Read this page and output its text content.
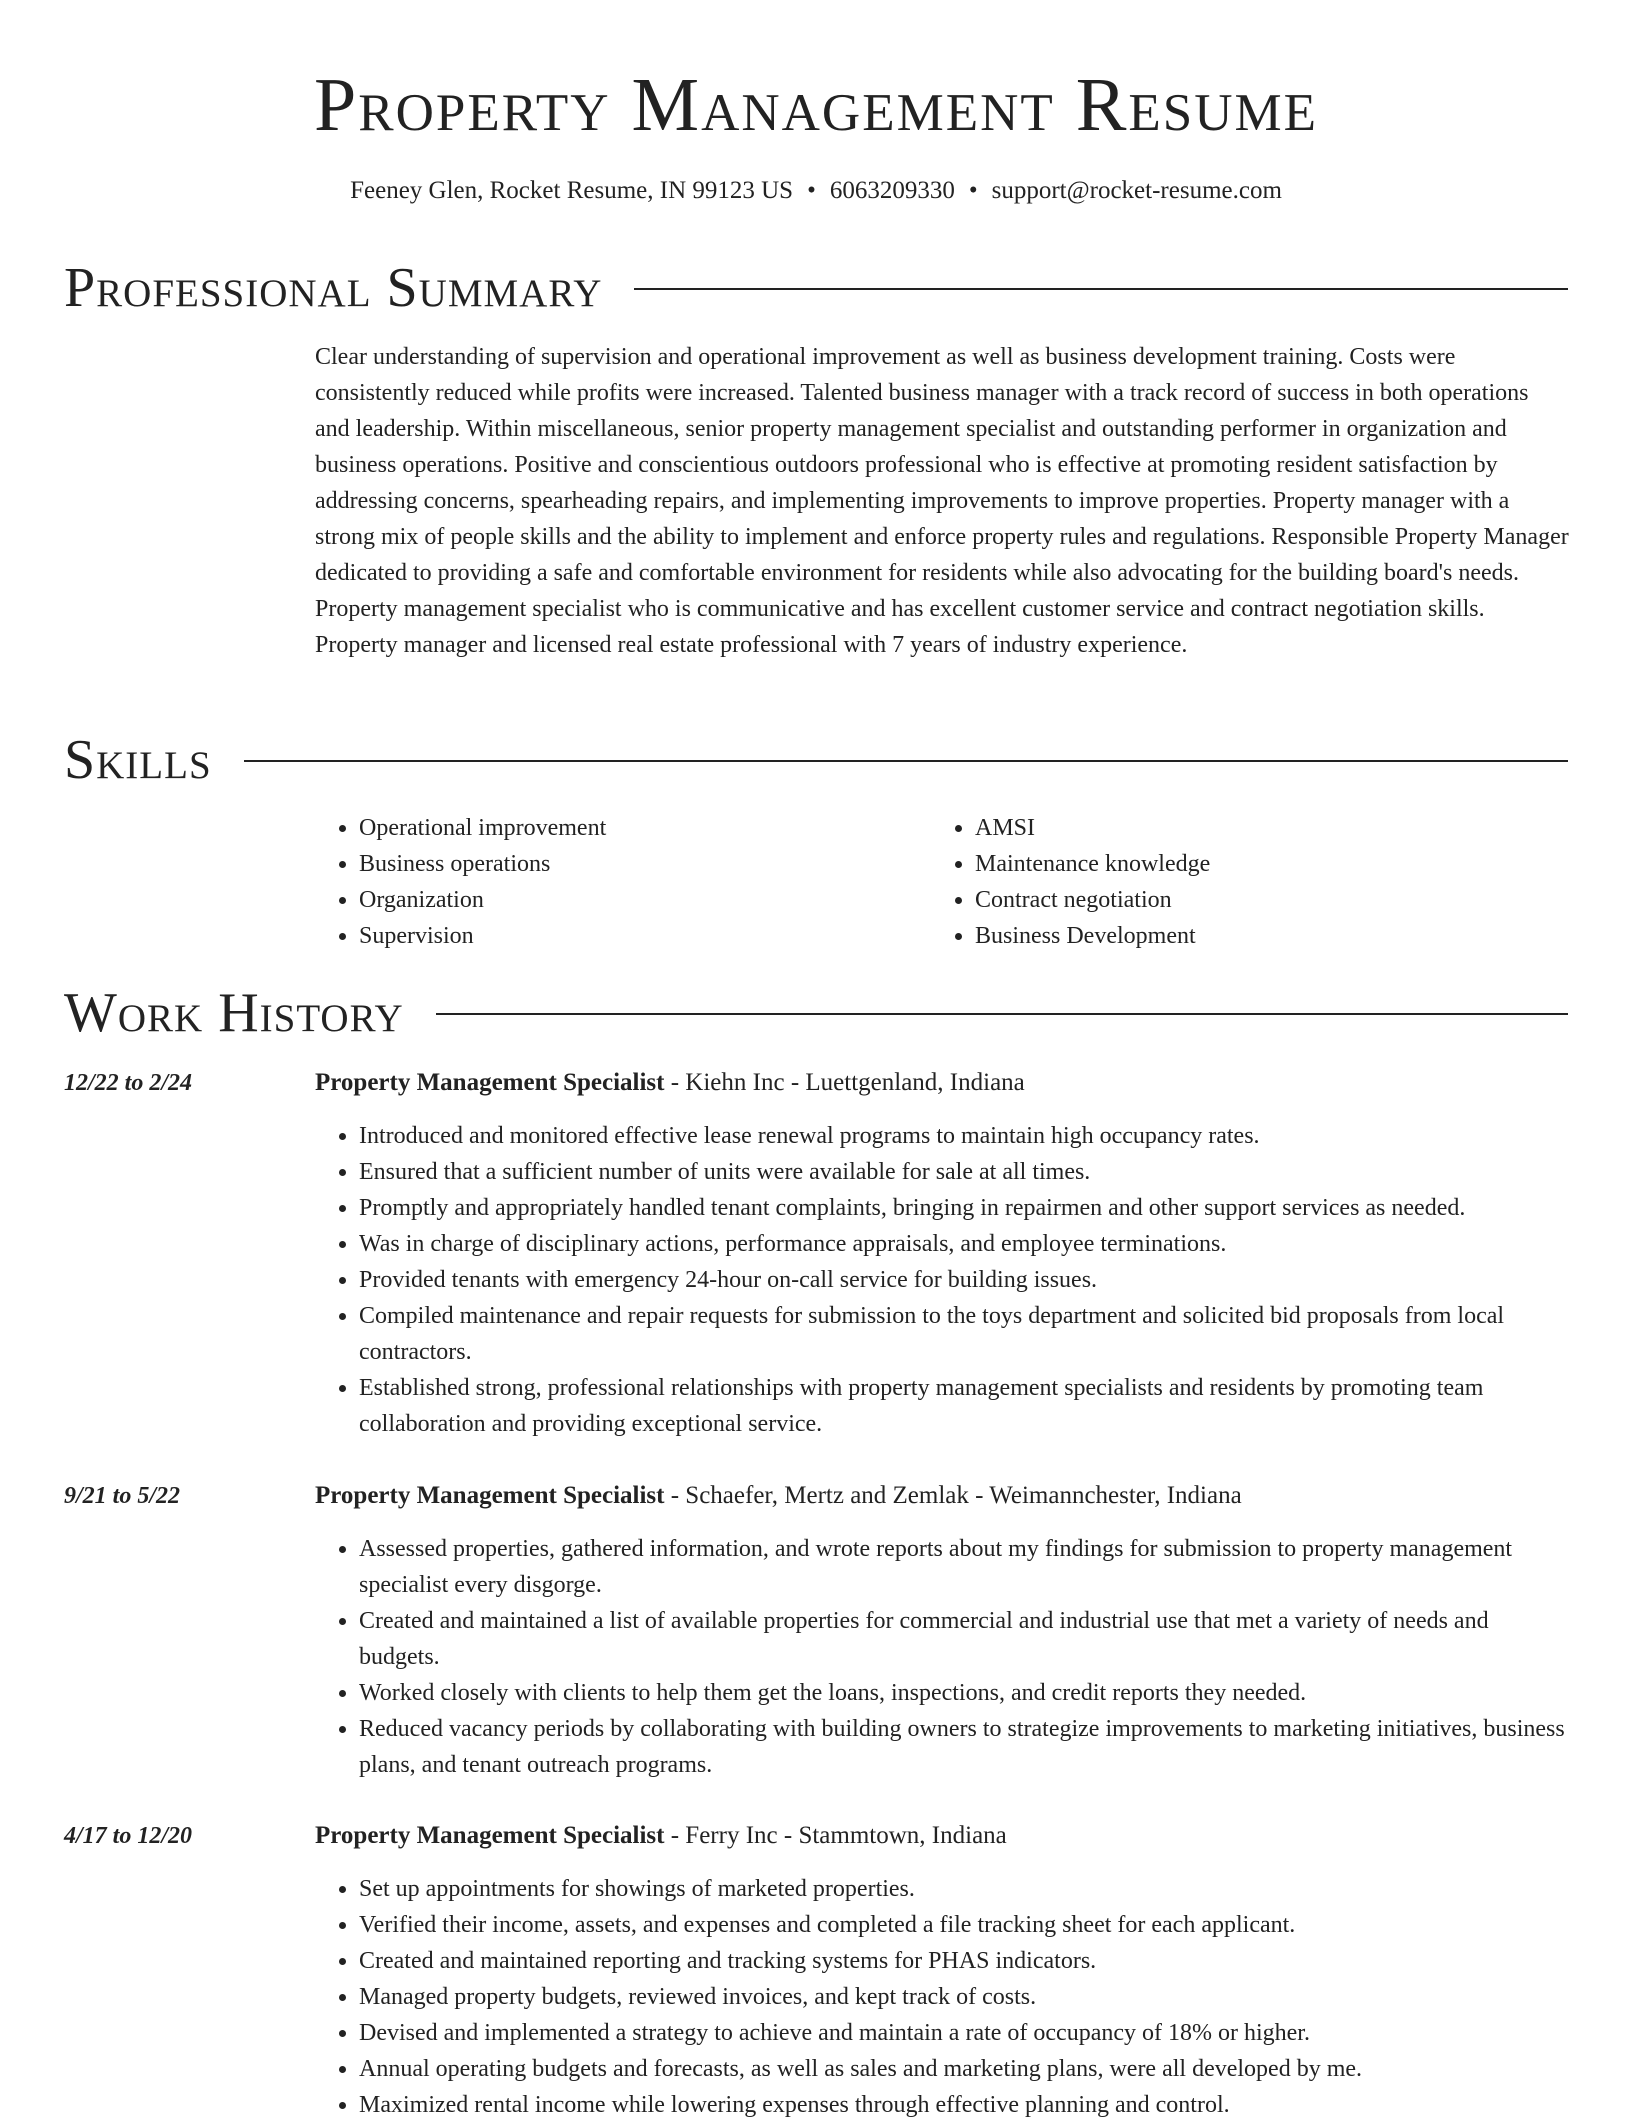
Property Management Resume
Feeney Glen, Rocket Resume, IN 99123 US • 6063209330 • support@rocket-resume.com
Professional Summary

Clear understanding of supervision and operational improvement as well as business development training. Costs were consistently reduced while profits were increased. Talented business manager with a track record of success in both operations and leadership. Within miscellaneous, senior property management specialist and outstanding performer in organization and business operations. Positive and conscientious outdoors professional who is effective at promoting resident satisfaction by addressing concerns, spearheading repairs, and implementing improvements to improve properties. Property manager with a strong mix of people skills and the ability to implement and enforce property rules and regulations. Responsible Property Manager dedicated to providing a safe and comfortable environment for residents while also advocating for the building board's needs. Property management specialist who is communicative and has excellent customer service and contract negotiation skills. Property manager and licensed real estate professional with 7 years of industry experience.

Skills
• Operational improvement
• Business operations
• Organization
• Supervision
• AMSI
• Maintenance knowledge
• Contract negotiation
• Business Development
Work History
12/22 to 2/24	Property Management Specialist - Kiehn Inc - Luettgenland, Indiana
• Introduced and monitored effective lease renewal programs to maintain high occupancy rates.
• Ensured that a sufficient number of units were available for sale at all times.
• Promptly and appropriately handled tenant complaints, bringing in repairmen and other support services as needed.
• Was in charge of disciplinary actions, performance appraisals, and employee terminations.
• Provided tenants with emergency 24-hour on-call service for building issues.
• Compiled maintenance and repair requests for submission to the toys department and solicited bid proposals from local contractors.
• Established strong, professional relationships with property management specialists and residents by promoting team collaboration and providing exceptional service.
9/21 to 5/22	Property Management Specialist - Schaefer, Mertz and Zemlak - Weimannchester, Indiana
• Assessed properties, gathered information, and wrote reports about my findings for submission to property management specialist every disgorge.
• Created and maintained a list of available properties for commercial and industrial use that met a variety of needs and budgets.
• Worked closely with clients to help them get the loans, inspections, and credit reports they needed.
• Reduced vacancy periods by collaborating with building owners to strategize improvements to marketing initiatives, business plans, and tenant outreach programs.
4/17 to 12/20	Property Management Specialist - Ferry Inc - Stammtown, Indiana
• Set up appointments for showings of marketed properties.
• Verified their income, assets, and expenses and completed a file tracking sheet for each applicant.
• Created and maintained reporting and tracking systems for PHAS indicators.
• Managed property budgets, reviewed invoices, and kept track of costs.
• Devised and implemented a strategy to achieve and maintain a rate of occupancy of 18% or higher.
• Annual operating budgets and forecasts, as well as sales and marketing plans, were all developed by me.
• Maximized rental income while lowering expenses through effective planning and control.
